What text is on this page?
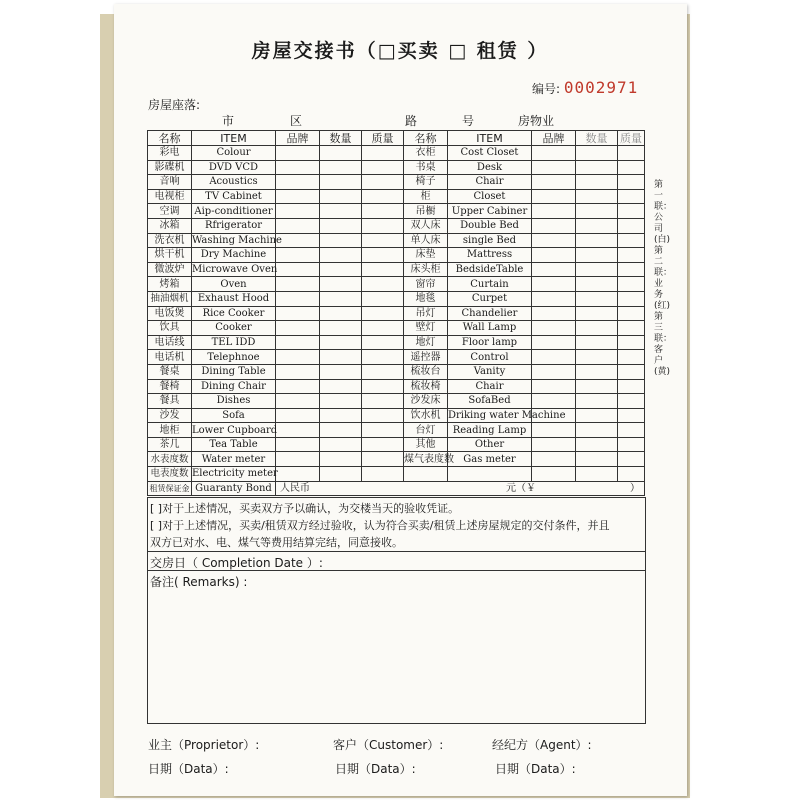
房屋交接书（□买卖 □ 租赁 ）
编号: 0002971
房屋座落:
市	区	路	号	房物业
名称	ITEM	品牌	数量	质量	名称	ITEM	品牌	数量	质量
彩电	Colour				衣柜	Cost Closet			
影碟机	DVD VCD				书桌	Desk			
音响	Acoustics				椅子	Chair			
电视柜	TV Cabinet				柜	Closet			
空调	Aip-conditioner				吊橱	Upper Cabiner			
冰箱	Rfrigerator				双人床	Double Bed			
洗衣机	Washing Machine				单人床	single Bed			
烘干机	Dry Machine				床垫	Mattress			
微波炉	Microwave Oven				床头柜	BedsideTable			
烤箱	Oven				窗帘	Curtain			
抽油烟机	Exhaust Hood				地毯	Curpet			
电饭煲	Rice Cooker				吊灯	Chandelier			
饮具	Cooker				壁灯	Wall Lamp			
电话线	TEL IDD				地灯	Floor lamp			
电话机	Telephnoe				遥控器	Control			
餐桌	Dining Table				梳妆台	Vanity			
餐椅	Dining Chair				梳妆椅	Chair			
餐具	Dishes				沙发床	SofaBed			
沙发	Sofa				饮水机	Driking water Machine			
地柜	Lower Cupboard				台灯	Reading Lamp			
茶几	Tea Table				其他	Other			
水表度数	Water meter				煤气表度数	Gas meter			
电表度数	Electricity meter								
租赁保证金	Guaranty Bond	人民币 元（￥ ）							
[ ]对于上述情况，买卖双方予以确认，为交楼当天的验收凭证。
[ ]对于上述情况，买卖/租赁双方经过验收，认为符合买卖/租赁上述房屋规定的交付条件，并且
双方已对水、电、煤气等费用结算完结，同意接收。
交房日（ Completion Date ）:
备注( Remarks) :
业主（Proprietor）:	客户（Customer）:	经纪方（Agent）:
日期（Data）:	日期（Data）:	日期（Data）:
第一联：公司(白) 第二联：业务(红) 第三联：客户(黄)
